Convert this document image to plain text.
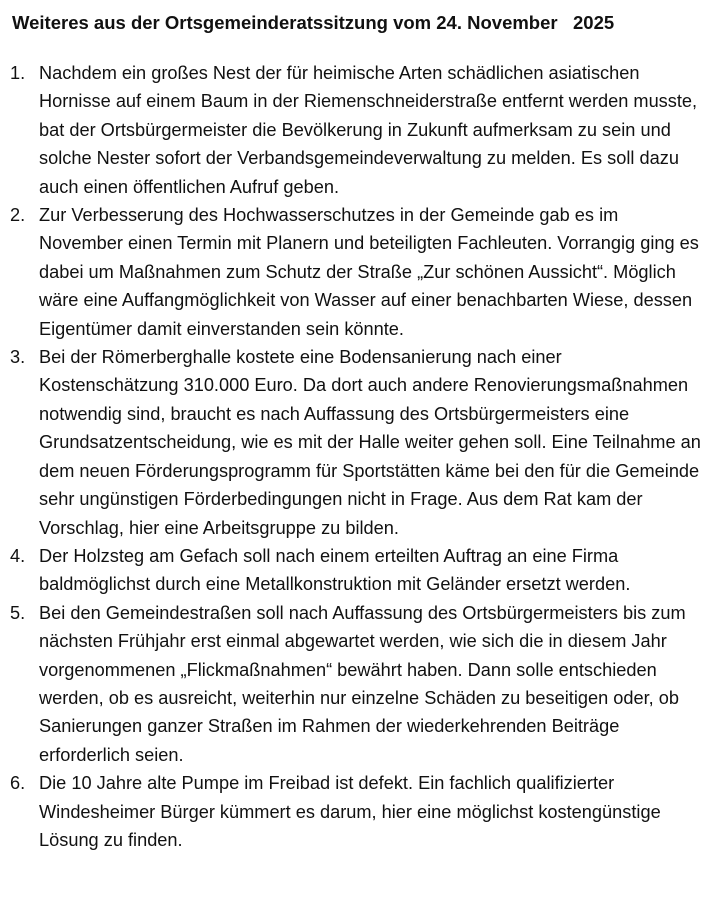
Weiteres aus der Ortsgemeinderatssitzung vom 24. November   2025
1. Nachdem ein großes Nest der für heimische Arten schädlichen asiatischen Hornisse auf einem Baum in der Riemenschneiderstraße entfernt werden musste, bat der Ortsbürgermeister die Bevölkerung in Zukunft aufmerksam zu sein und solche Nester sofort der Verbandsgemeindeverwaltung zu melden. Es soll dazu auch einen öffentlichen Aufruf geben.
2. Zur Verbesserung des Hochwasserschutzes in der Gemeinde gab es im November einen Termin mit Planern und beteiligten Fachleuten. Vorrangig ging es dabei um Maßnahmen zum Schutz der Straße „Zur schönen Aussicht“. Möglich wäre eine Auffangmöglichkeit von Wasser auf einer benachbarten Wiese, dessen Eigentümer damit einverstanden sein könnte.
3. Bei der Römerberghalle kostete eine Bodensanierung nach einer Kostenschätzung 310.000 Euro. Da dort auch andere Renovierungsmaßnahmen notwendig sind, braucht es nach Auffassung des Ortsbürgermeisters eine Grundsatzentscheidung, wie es mit der Halle weiter gehen soll. Eine Teilnahme an dem neuen Förderungsprogramm für Sportstätten käme bei den für die Gemeinde sehr ungünstigen Förderbedingungen nicht in Frage. Aus dem Rat kam der Vorschlag, hier eine Arbeitsgruppe zu bilden.
4. Der Holzsteg am Gefach soll nach einem erteilten Auftrag an eine Firma baldmöglichst durch eine Metallkonstruktion mit Geländer ersetzt werden.
5. Bei den Gemeindestraßen soll nach Auffassung des Ortsbürgermeisters bis zum nächsten Frühjahr erst einmal abgewartet werden, wie sich die in diesem Jahr vorgenommenen „Flickmaßnahmen“ bewährt haben. Dann solle entschieden werden, ob es ausreicht, weiterhin nur einzelne Schäden zu beseitigen oder, ob Sanierungen ganzer Straßen im Rahmen der wiederkehrenden Beiträge erforderlich seien.
6. Die 10 Jahre alte Pumpe im Freibad ist defekt. Ein fachlich qualifizierter Windesheimer Bürger kümmert es darum, hier eine möglichst kostengünstige Lösung zu finden.
